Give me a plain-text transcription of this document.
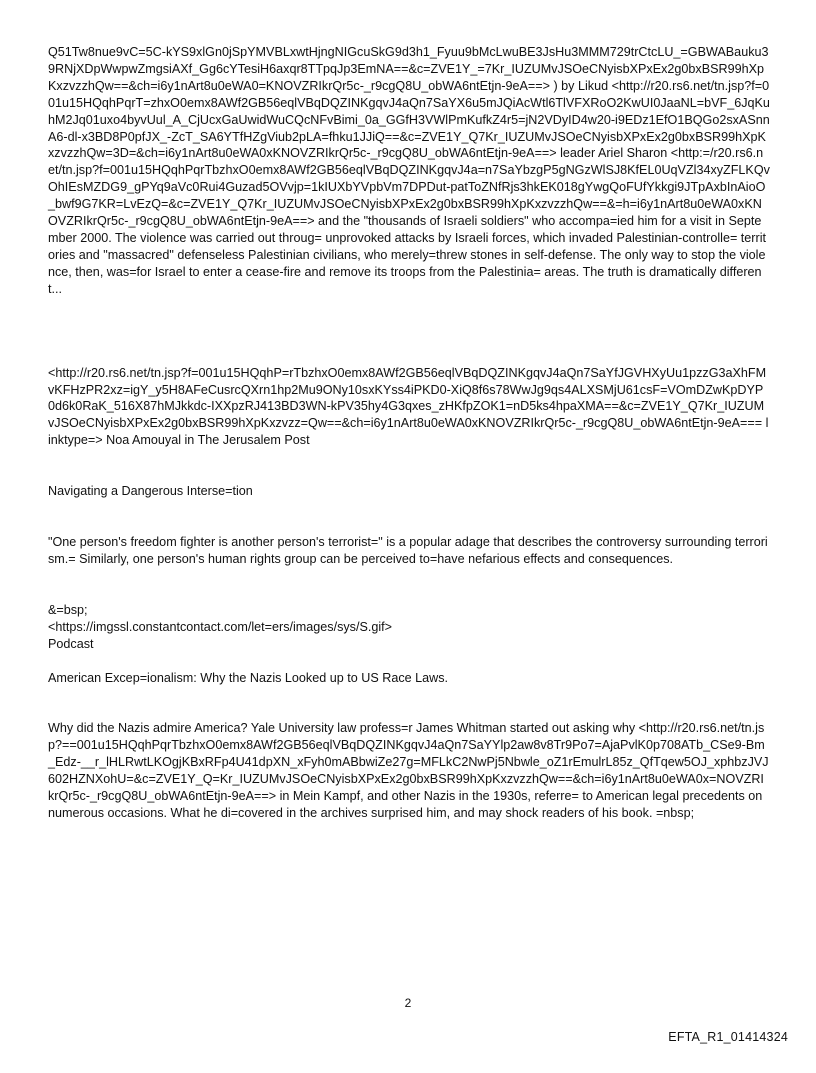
Q51Tw8nue9vC=5C-kYS9xlGn0jSpYMVBLxwtHjngNIGcuSkG9d3h1_Fyuu9bMcLwuBE3JsHu3MMM729trCtcLU_=GBWABauku39RNjXDpWwpwZmgsiAXf_Gg6cYTesiH6axqr8TTpqJp3EmNA==&c=ZVE1Y_=7Kr_IUZUMvJSOeCNyisbXPxEx2g0bxBSR99hXpKxzvzzhQw==&ch=i6y1nArt8u0eWA0=KNOVZRIkrQr5c-_r9cgQ8U_obWA6ntEtjn-9eA==> ) by Likud <http://r20.rs6.net/tn.jsp?f=001u15HQqhPqrT=zhxO0emx8AWf2GB56eqlVBqDQZINKgqvJ4aQn7SaYX6u5mJQiAcWtl6TlVFXRoO2KwUI0JaaNL=bVF_6JqKuhM2Jq01uxo4byvUul_A_CjUcxGaUwidWuCQcNFvBimi_0a_GGfH3VWlPmKufkZ4r5=jN2VDyID4w20-i9EDz1EfO1BQGo2sxASnnA6-dl-x3BD8P0pfJX_-ZcT_SA6YTfHZgViub2pLA=fhku1JJiQ==&c=ZVE1Y_Q7Kr_IUZUMvJSOeCNyisbXPxEx2g0bxBSR99hXpKxzvzzhQw=3D=&ch=i6y1nArt8u0eWA0xKNOVZRIkrQr5c-_r9cgQ8U_obWA6ntEtjn-9eA==> leader Ariel Sharon <http:=/r20.rs6.net/tn.jsp?f=001u15HQqhPqrTbzhxO0emx8AWf2GB56eqlVBqDQZINKgqvJ4a=n7SaYbzgP5gNGzWlSJ8KfEL0UqVZl34xyZFLKQvOhIEsMZDG9_gPYq9aVc0Rui4Guzad5OVvjp=1kIUXbYVpbVm7DPDut-patToZNfRjs3hkEK018gYwgQoFUfYkkgi9JTpAxbInAioO_bwf9G7KR=LvEzQ=&c=ZVE1Y_Q7Kr_IUZUMvJSOeCNyisbXPxEx2g0bxBSR99hXpKxzvzzhQw==&=h=i6y1nArt8u0eWA0xKNOVZRIkrQr5c-_r9cgQ8U_obWA6ntEtjn-9eA==> and the "thousands of Israeli soldiers" who accompa=ied him for a visit in September 2000. The violence was carried out throug= unprovoked attacks by Israeli forces, which invaded Palestinian-controlle= territories and "massacred" defenseless Palestinian civilians, who merely=threw stones in self-defense. The only way to stop the violence, then, was=for Israel to enter a cease-fire and remove its troops from the Palestinia= areas. The truth is dramatically different...

<http://r20.rs6.net/tn.jsp?f=001u15HQqhP=rTbzhxO0emx8AWf2GB56eqlVBqDQZINKgqvJ4aQn7SaYfJGVHXyUu1pzzG3aXhFMvKFHzPR2xz=igY_y5H8AFeCusrcQXrn1hp2Mu9ONy10sxKYss4iPKD0-XiQ8f6s78WwJg9qs4ALXSMjU61csF=VOmDZwKpDYP0d6k0RaK_516X87hMJkkdc-IXXpzRJ413BD3WN-kPV35hy4G3qxes_zHKfpZOK1=nD5ks4hpaXMA==&c=ZVE1Y_Q7Kr_IUZUMvJSOeCNyisbXPxEx2g0bxBSR99hXpKxzvzz=Qw==&ch=i6y1nArt8u0eWA0xKNOVZRIkrQr5c-_r9cgQ8U_obWA6ntEtjn-9eA=== linktype=> Noa Amouyal in The Jerusalem Post

Navigating a Dangerous Interse=tion

"One person's freedom fighter is another person's terrorist=" is a popular adage that describes the controversy surrounding terrorism.= Similarly, one person's human rights group can be perceived to=have nefarious effects and consequences.

&=bsp;

<https://imgssl.constantcontact.com/let=ers/images/sys/S.gif>

Podcast

American Excep=ionalism: Why the Nazis Looked up to US Race Laws.

Why did the Nazis admire America? Yale University law profess=r James Whitman started out asking why <http://r20.rs6.net/tn.jsp?==001u15HQqhPqrTbzhxO0emx8AWf2GB56eqlVBqDQZINKgqvJ4aQn7SaYYlp2aw8v8Tr9Po7=AjaPvlK0p708ATb_CSe9-Bm_Edz-__r_lHLRwtLKOgjKBxRFp4U41dpXN_xFyh0mABbwiZe27g=MFLkC2NwPj5Nbwle_oZ1rEmulrL85z_QfTqew5OJ_xphbzJVJ602HZNXohU=&c=ZVE1Y_Q=Kr_IUZUMvJSOeCNyisbXPxEx2g0bxBSR99hXpKxzvzzhQw==&ch=i6y1nArt8u0eWA0x=NOVZRIkrQr5c-_r9cgQ8U_obWA6ntEtjn-9eA==> in Mein Kampf, and other Nazis in the 1930s, referre= to American legal precedents on numerous occasions. What he di=covered in the archives surprised him, and may shock readers of his book. =nbsp;

2
EFTA_R1_01414324
